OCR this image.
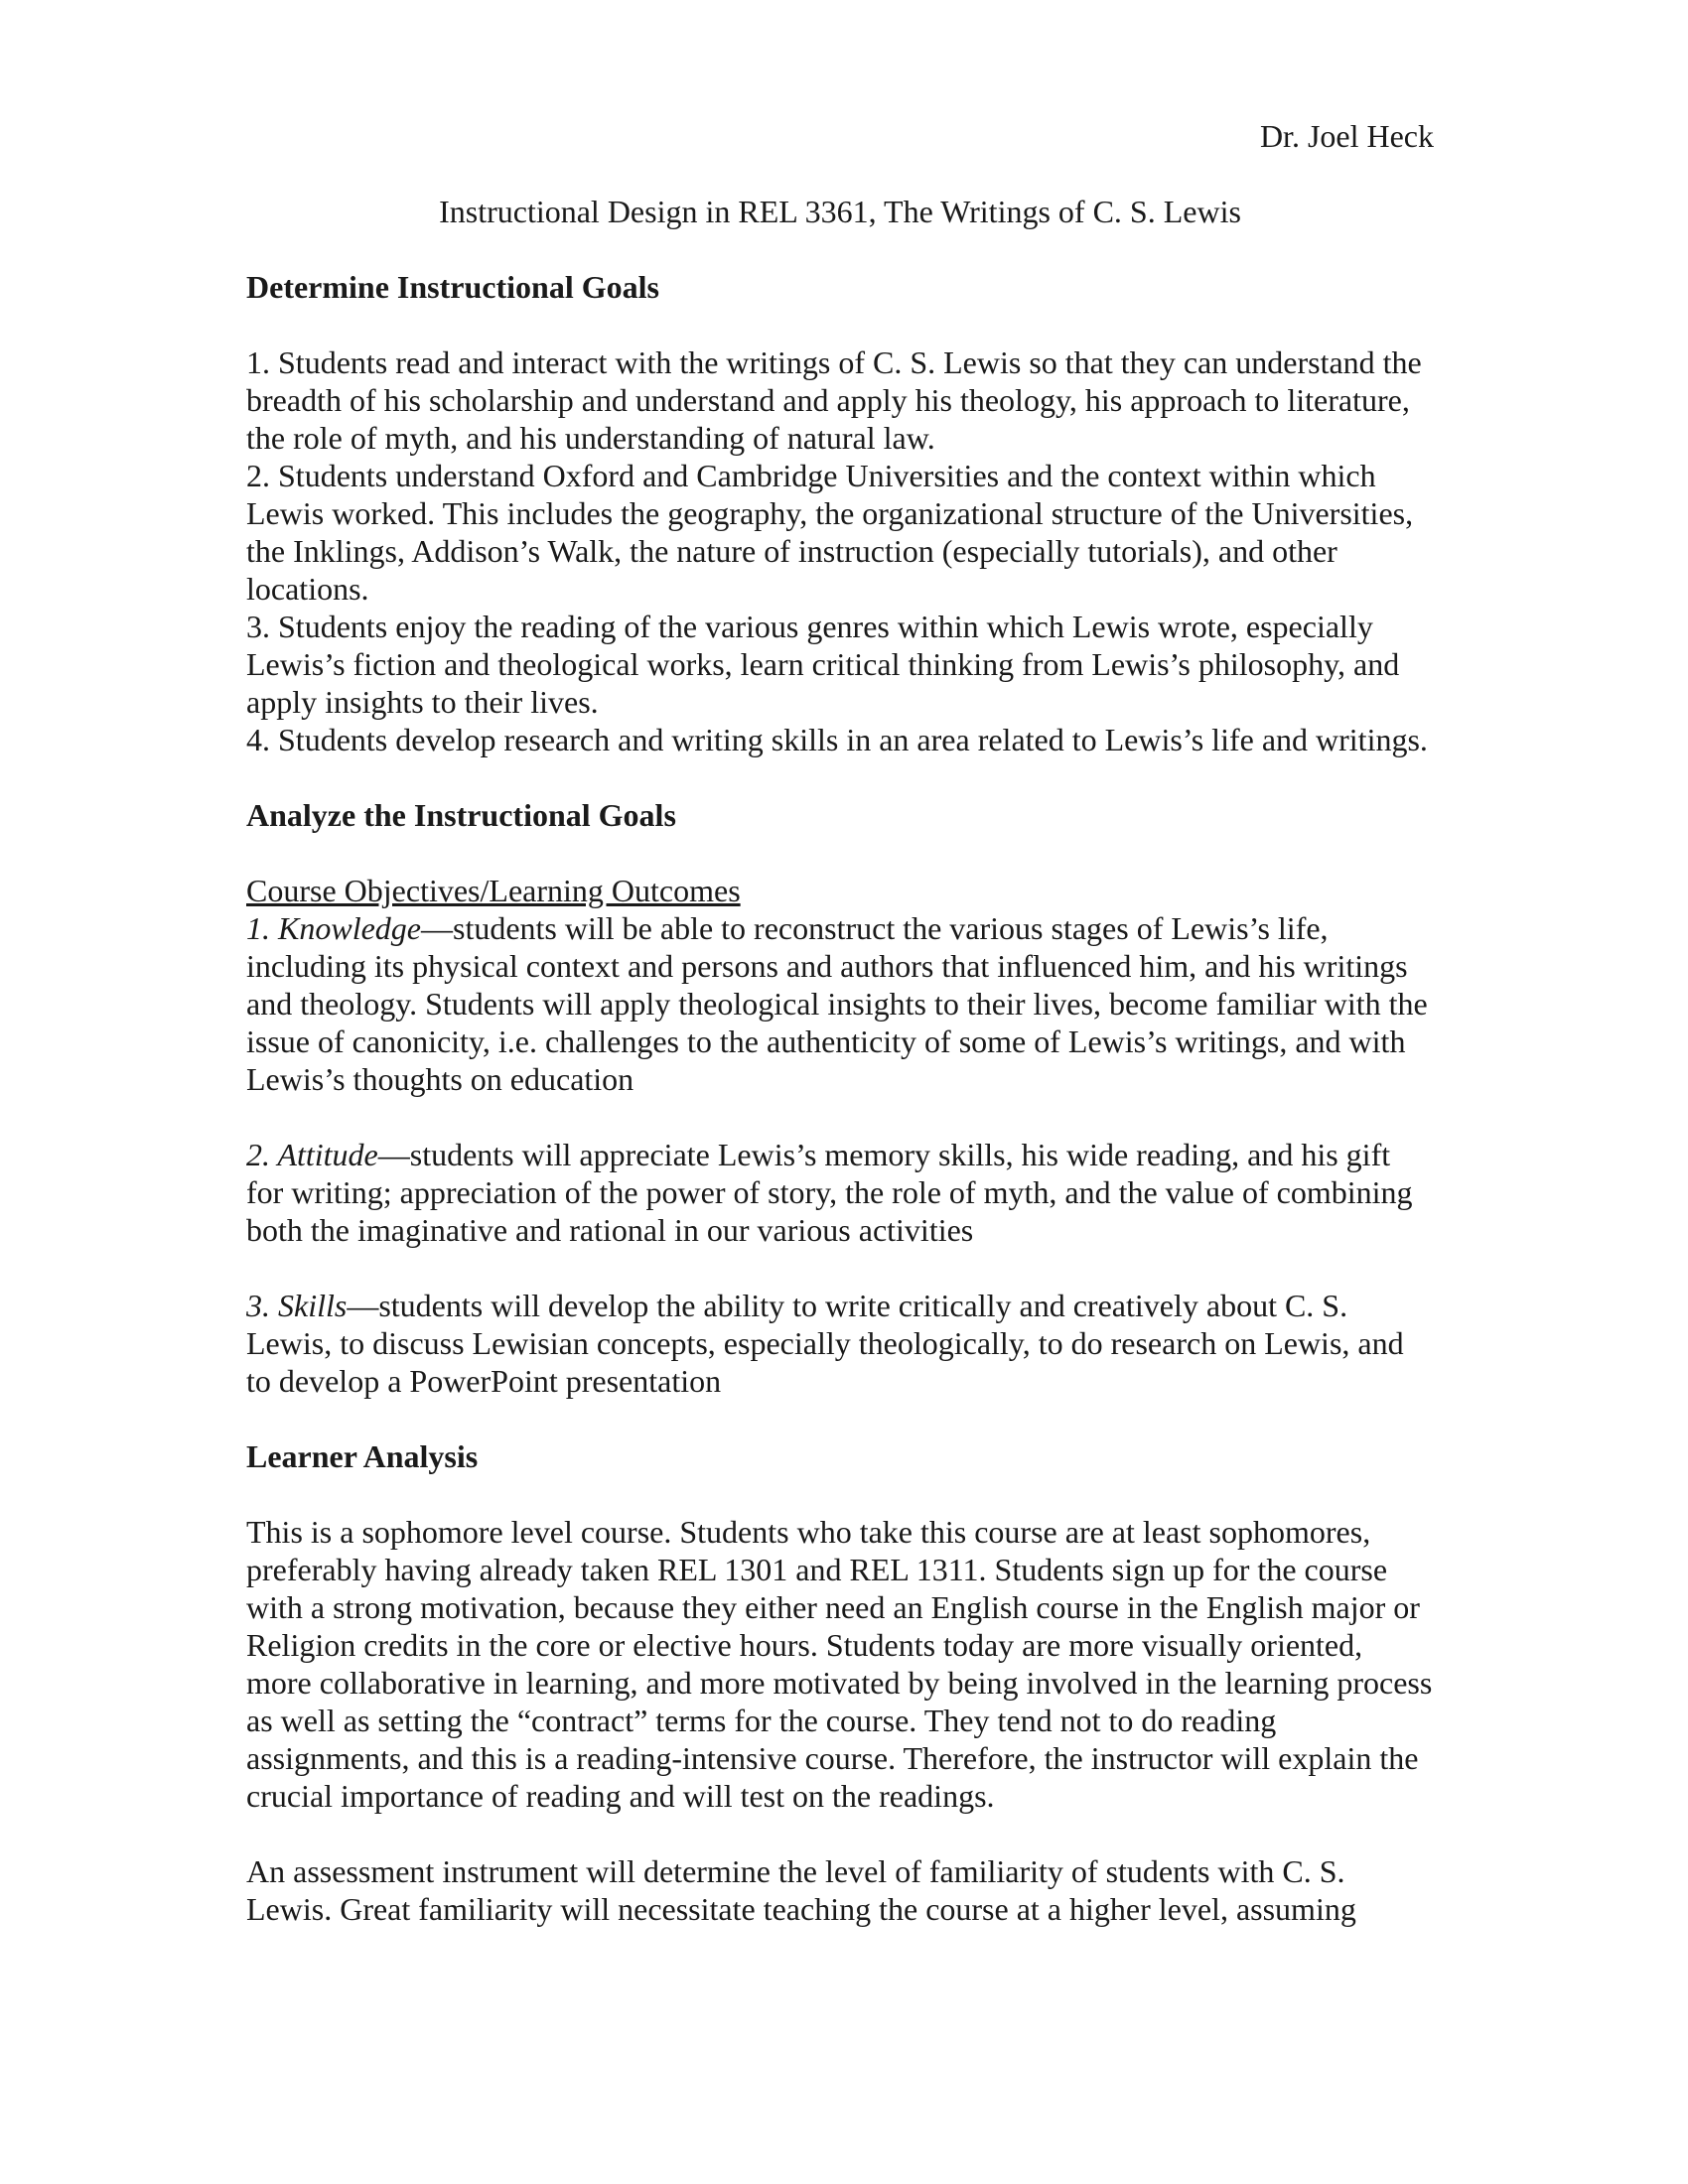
Dr. Joel Heck

Instructional Design in REL 3361, The Writings of C. S. Lewis

Determine Instructional Goals

1. Students read and interact with the writings of C. S. Lewis so that they can understand the breadth of his scholarship and understand and apply his theology, his approach to literature, the role of myth, and his understanding of natural law.

2. Students understand Oxford and Cambridge Universities and the context within which Lewis worked. This includes the geography, the organizational structure of the Universities, the Inklings, Addison’s Walk, the nature of instruction (especially tutorials), and other locations.

3. Students enjoy the reading of the various genres within which Lewis wrote, especially Lewis’s fiction and theological works, learn critical thinking from Lewis’s philosophy, and apply insights to their lives.

4. Students develop research and writing skills in an area related to Lewis’s life and writings.

Analyze the Instructional Goals

Course Objectives/Learning Outcomes

1. Knowledge—students will be able to reconstruct the various stages of Lewis’s life, including its physical context and persons and authors that influenced him, and his writings and theology. Students will apply theological insights to their lives, become familiar with the issue of canonicity, i.e. challenges to the authenticity of some of Lewis’s writings, and with Lewis’s thoughts on education

2. Attitude—students will appreciate Lewis’s memory skills, his wide reading, and his gift for writing; appreciation of the power of story, the role of myth, and the value of combining both the imaginative and rational in our various activities

3. Skills—students will develop the ability to write critically and creatively about C. S. Lewis, to discuss Lewisian concepts, especially theologically, to do research on Lewis, and to develop a PowerPoint presentation

Learner Analysis

This is a sophomore level course. Students who take this course are at least sophomores, preferably having already taken REL 1301 and REL 1311. Students sign up for the course with a strong motivation, because they either need an English course in the English major or Religion credits in the core or elective hours. Students today are more visually oriented, more collaborative in learning, and more motivated by being involved in the learning process as well as setting the “contract” terms for the course. They tend not to do reading assignments, and this is a reading-intensive course. Therefore, the instructor will explain the crucial importance of reading and will test on the readings.

An assessment instrument will determine the level of familiarity of students with C. S. Lewis. Great familiarity will necessitate teaching the course at a higher level, assuming
